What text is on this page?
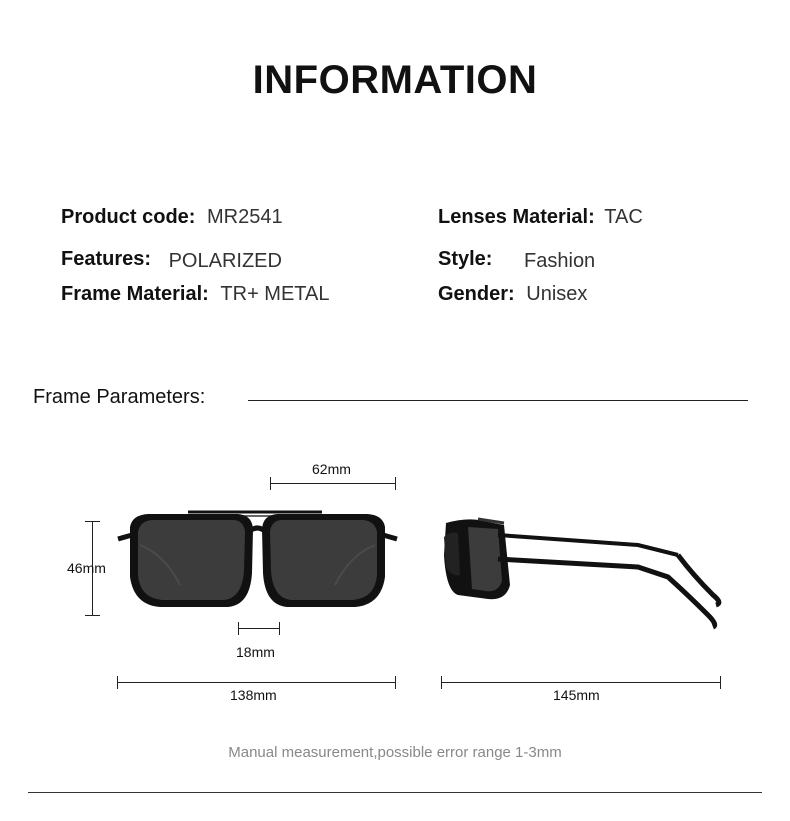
INFORMATION
Product code: MR2541
Features: POLARIZED
Frame Material: TR+ METAL
Lenses Material: TAC
Style: Fashion
Gender: Unisex
Frame Parameters:
62mm
46mm
18mm
138mm	145mm
Manual measurement,possible error range 1-3mm
